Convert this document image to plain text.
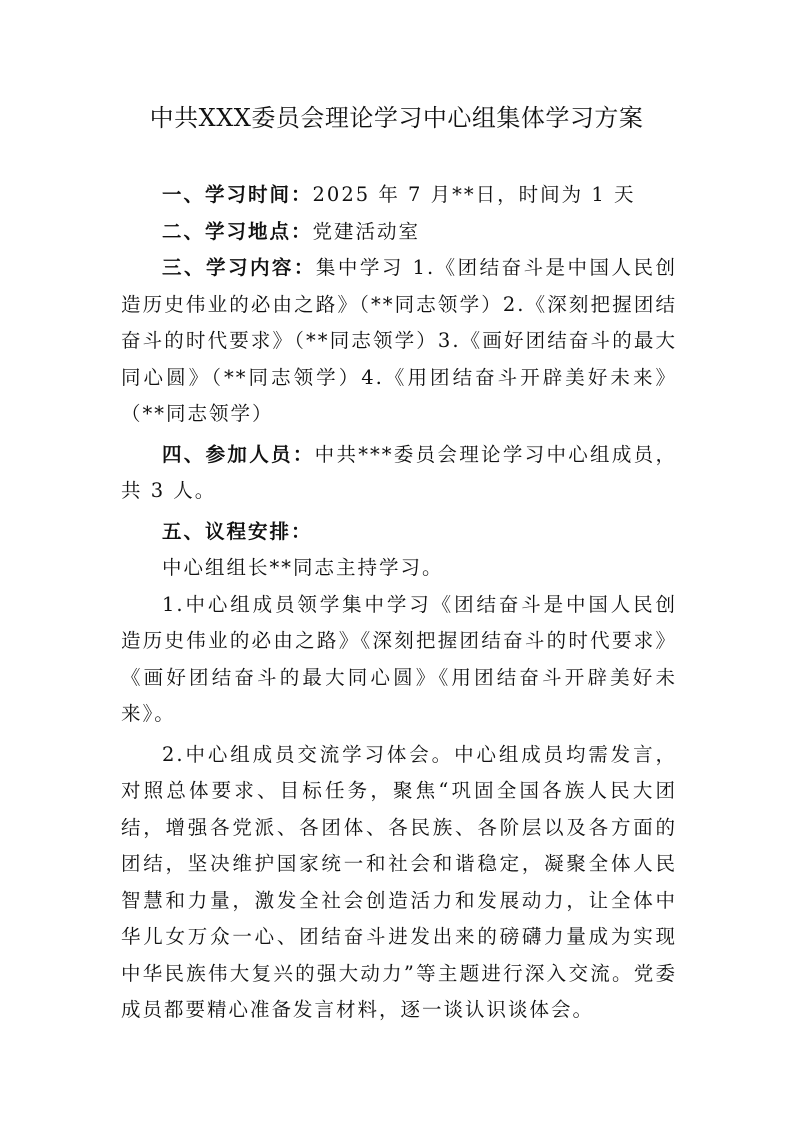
中共XXX委员会理论学习中心组集体学习方案

一、学习时间：2025 年 7 月**日，时间为 1 天

二、学习地点：党建活动室

三、学习内容：集中学习 1.《团结奋斗是中国人民创造历史伟业的必由之路》（**同志领学）2.《深刻把握团结奋斗的时代要求》（**同志领学）3.《画好团结奋斗的最大同心圆》（**同志领学）4.《用团结奋斗开辟美好未来》（**同志领学）

四、参加人员：中共***委员会理论学习中心组成员，共 3 人。

五、议程安排：

中心组组长**同志主持学习。

1.中心组成员领学集中学习《团结奋斗是中国人民创造历史伟业的必由之路》《深刻把握团结奋斗的时代要求》《画好团结奋斗的最大同心圆》《用团结奋斗开辟美好未来》。

2.中心组成员交流学习体会。中心组成员均需发言，对照总体要求、目标任务，聚焦“巩固全国各族人民大团结，增强各党派、各团体、各民族、各阶层以及各方面的团结，坚决维护国家统一和社会和谐稳定，凝聚全体人民智慧和力量，激发全社会创造活力和发展动力，让全体中华儿女万众一心、团结奋斗进发出来的磅礴力量成为实现中华民族伟大复兴的强大动力”等主题进行深入交流。党委成员都要精心准备发言材料，逐一谈认识谈体会。
